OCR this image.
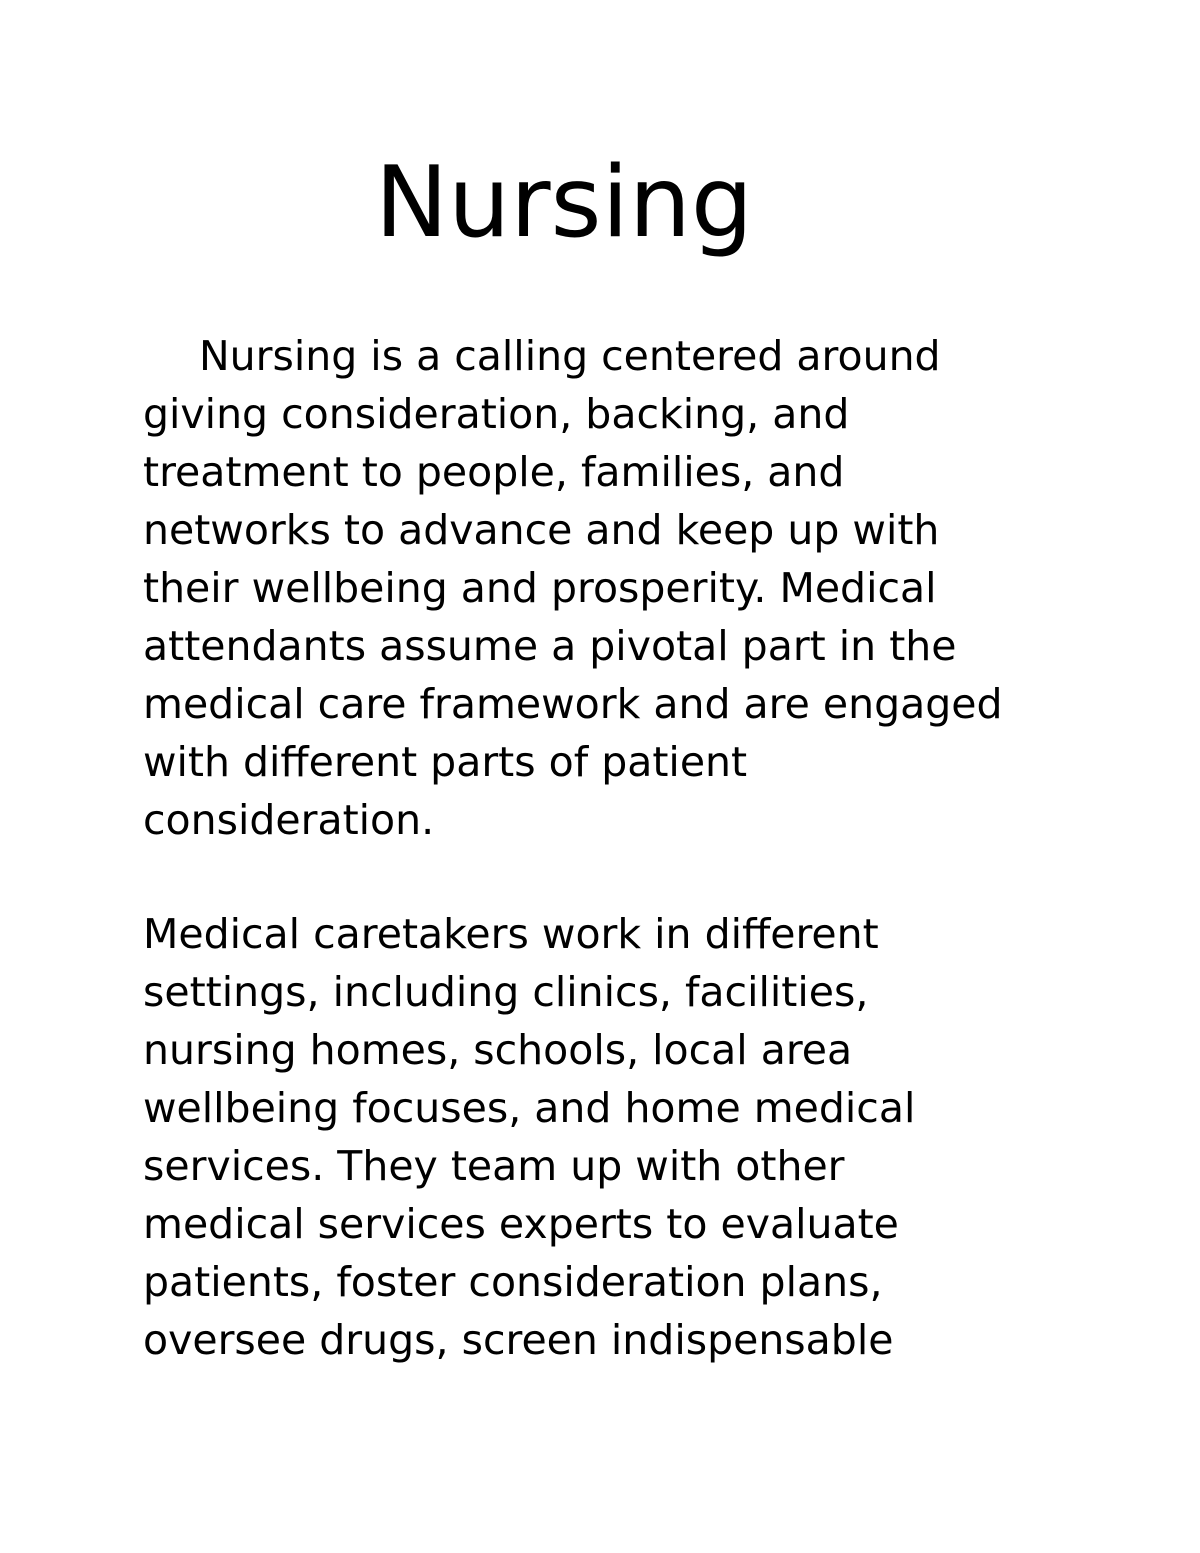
Nursing
Nursing is a calling centered around
giving consideration, backing, and
treatment to people, families, and
networks to advance and keep up with
their wellbeing and prosperity. Medical
attendants assume a pivotal part in the
medical care framework and are engaged
with different parts of patient
consideration.
Medical caretakers work in different
settings, including clinics, facilities,
nursing homes, schools, local area
wellbeing focuses, and home medical
services. They team up with other
medical services experts to evaluate
patients, foster consideration plans,
oversee drugs, screen indispensable
